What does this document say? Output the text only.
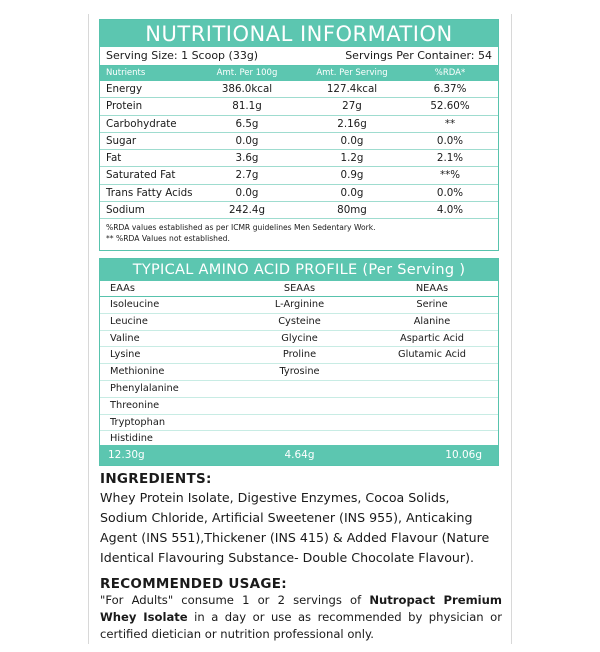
NUTRITIONAL INFORMATION
Serving Size: 1 Scoop (33g)	Servings Per Container: 54
Nutrients	Amt. Per 100g	Amt. Per Serving	%RDA*
Energy	386.0kcal	127.4kcal	6.37%
Protein	81.1g	27g	52.60%
Carbohydrate	6.5g	2.16g	**
Sugar	0.0g	0.0g	0.0%
Fat	3.6g	1.2g	2.1%
Saturated Fat	2.7g	0.9g	**%
Trans Fatty Acids	0.0g	0.0g	0.0%
Sodium	242.4g	80mg	4.0%
%RDA values established as per ICMR guidelines Men Sedentary Work.
** %RDA Values not established.
TYPICAL AMINO ACID PROFILE (Per Serving )
EAAs	SEAAs	NEAAs
Isoleucine	L-Arginine	Serine
Leucine	Cysteine	Alanine
Valine	Glycine	Aspartic Acid
Lysine	Proline	Glutamic Acid
Methionine	Tyrosine
Phenylalanine
Threonine
Tryptophan
Histidine
12.30g	4.64g	10.06g
INGREDIENTS:
Whey Protein Isolate, Digestive Enzymes, Cocoa Solids, Sodium Chloride, Artificial Sweetener (INS 955), Anticaking Agent (INS 551),Thickener (INS 415) & Added Flavour (Nature Identical Flavouring Substance- Double Chocolate Flavour).
RECOMMENDED USAGE:
"For Adults" consume 1 or 2 servings of Nutropact Premium Whey Isolate in a day or use as recommended by physician or certified dietician or nutrition professional only.
